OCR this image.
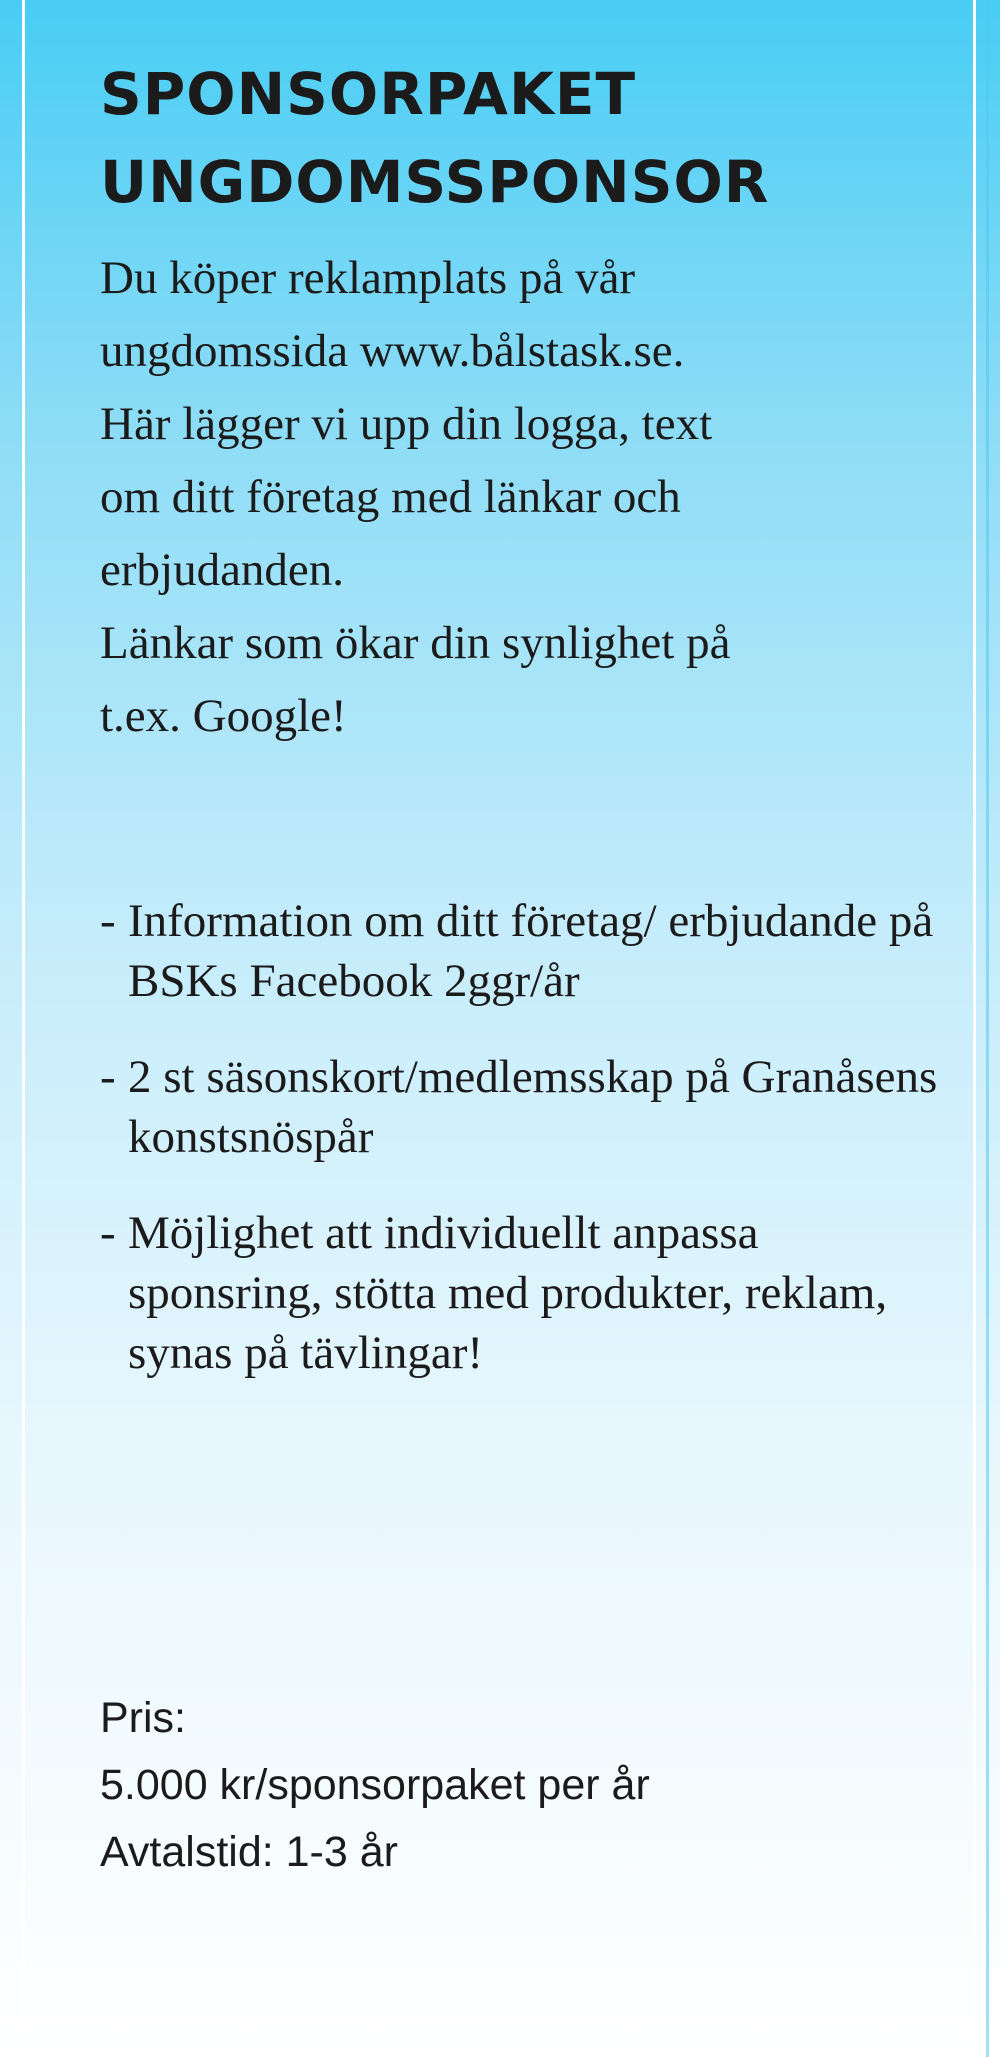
SPONSORPAKET
UNGDOMSSPONSOR
Du köper reklamplats på vår
ungdomssida www.bålstask.se.
Här lägger vi upp din logga, text
om ditt företag med länkar och
erbjudanden.
Länkar som ökar din synlighet på
t.ex. Google!
- Information om ditt företag/ erbjudande på BSKs Facebook 2ggr/år
- 2 st säsonskort/medlemsskap på Granåsens konstsnöspår
- Möjlighet att individuellt anpassa sponsring, stötta med produkter, reklam, synas på tävlingar!
Pris:
5.000 kr/sponsorpaket per år
Avtalstid: 1-3 år
